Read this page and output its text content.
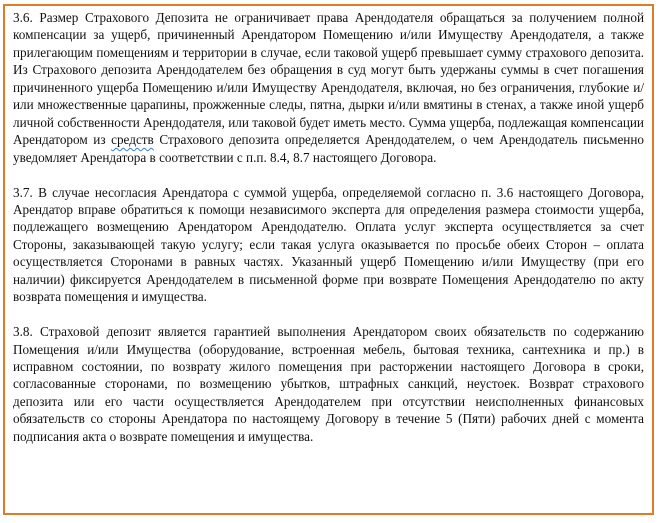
3.6. Размер Страхового Депозита не ограничивает права Арендодателя обращаться за получением полной компенсации за ущерб, причиненный Арендатором Помещению и/или Имуществу Арендодателя, а также прилегающим помещениям и территории в случае, если таковой ущерб превышает сумму страхового депозита. Из Страхового депозита Арендодателем без обращения в суд могут быть удержаны суммы в счет погашения причиненного ущерба Помещению и/или Имуществу Арендодателя, включая, но без ограничения, глубокие и/или множественные царапины, прожженные следы, пятна, дырки и/или вмятины в стенах, а также иной ущерб личной собственности Арендодателя, или таковой будет иметь место. Сумма ущерба, подлежащая компенсации Арендатором из средств Страхового депозита определяется Арендодателем, о чем Арендодатель письменно уведомляет Арендатора в соответствии с п.п. 8.4, 8.7 настоящего Договора.

3.7. В случае несогласия Арендатора с суммой ущерба, определяемой согласно п. 3.6 настоящего Договора, Арендатор вправе обратиться к помощи независимого эксперта для определения размера стоимости ущерба, подлежащего возмещению Арендатором Арендодателю. Оплата услуг эксперта осуществляется за счет Стороны, заказывающей такую услугу; если такая услуга оказывается по просьбе обеих Сторон – оплата осуществляется Сторонами в равных частях. Указанный ущерб Помещению и/или Имуществу (при его наличии) фиксируется Арендодателем в письменной форме при возврате Помещения Арендодателю по акту возврата помещения и имущества.

3.8. Страховой депозит является гарантией выполнения Арендатором своих обязательств по содержанию Помещения и/или Имущества (оборудование, встроенная мебель, бытовая техника, сантехника и пр.) в исправном состоянии, по возврату жилого помещения при расторжении настоящего Договора в сроки, согласованные сторонами, по возмещению убытков, штрафных санкций, неустоек. Возврат страхового депозита или его части осуществляется Арендодателем при отсутствии неисполненных финансовых обязательств со стороны Арендатора по настоящему Договору в течение 5 (Пяти) рабочих дней с момента подписания акта о возврате помещения и имущества.
